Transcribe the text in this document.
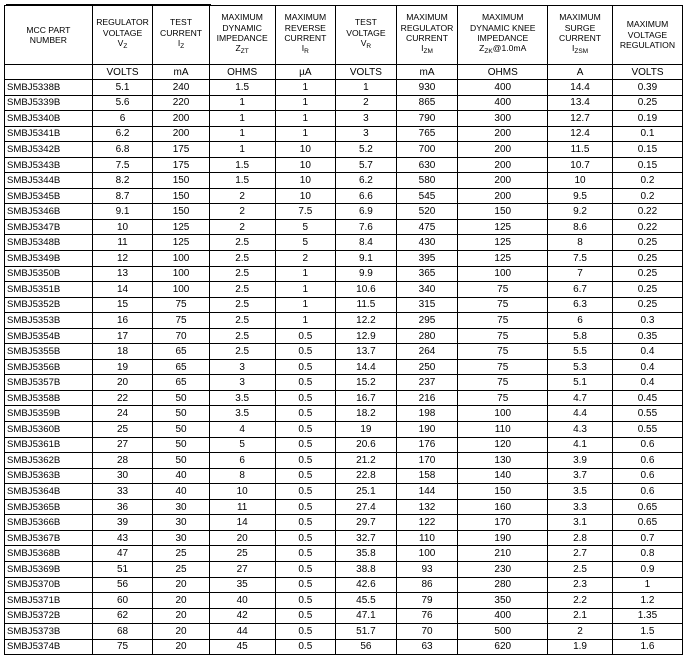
MCC PART
NUMBER	REGULATOR
VOLTAGE
$V_Z$	TEST
CURRENT
$I_Z$	MAXIMUM
DYNAMIC
IMPEDANCE
$Z_{ZT}$	MAXIMUM
REVERSE
CURRENT
$I_R$	TEST
VOLTAGE
$V_R$	MAXIMUM
REGULATOR
CURRENT
$I_{ZM}$	MAXIMUM
DYNAMIC KNEE
IMPEDANCE
$Z_{ZK}@1.0mA$	MAXIMUM
SURGE
CURRENT
$I_{ZSM}$	MAXIMUM
VOLTAGE
REGULATION

	VOLTS	mA	OHMS	µA	VOLTS	mA	OHMS	A	VOLTS
SMBJ5338B	5.1	240	1.5	1	1	930	400	14.4	0.39
SMBJ5339B	5.6	220	1	1	2	865	400	13.4	0.25
SMBJ5340B	6	200	1	1	3	790	300	12.7	0.19
SMBJ5341B	6.2	200	1	1	3	765	200	12.4	0.1
SMBJ5342B	6.8	175	1	10	5.2	700	200	11.5	0.15
SMBJ5343B	7.5	175	1.5	10	5.7	630	200	10.7	0.15
SMBJ5344B	8.2	150	1.5	10	6.2	580	200	10	0.2
SMBJ5345B	8.7	150	2	10	6.6	545	200	9.5	0.2
SMBJ5346B	9.1	150	2	7.5	6.9	520	150	9.2	0.22
SMBJ5347B	10	125	2	5	7.6	475	125	8.6	0.22
SMBJ5348B	11	125	2.5	5	8.4	430	125	8	0.25
SMBJ5349B	12	100	2.5	2	9.1	395	125	7.5	0.25
SMBJ5350B	13	100	2.5	1	9.9	365	100	7	0.25
SMBJ5351B	14	100	2.5	1	10.6	340	75	6.7	0.25
SMBJ5352B	15	75	2.5	1	11.5	315	75	6.3	0.25
SMBJ5353B	16	75	2.5	1	12.2	295	75	6	0.3
SMBJ5354B	17	70	2.5	0.5	12.9	280	75	5.8	0.35
SMBJ5355B	18	65	2.5	0.5	13.7	264	75	5.5	0.4
SMBJ5356B	19	65	3	0.5	14.4	250	75	5.3	0.4
SMBJ5357B	20	65	3	0.5	15.2	237	75	5.1	0.4
SMBJ5358B	22	50	3.5	0.5	16.7	216	75	4.7	0.45
SMBJ5359B	24	50	3.5	0.5	18.2	198	100	4.4	0.55
SMBJ5360B	25	50	4	0.5	19	190	110	4.3	0.55
SMBJ5361B	27	50	5	0.5	20.6	176	120	4.1	0.6
SMBJ5362B	28	50	6	0.5	21.2	170	130	3.9	0.6
SMBJ5363B	30	40	8	0.5	22.8	158	140	3.7	0.6
SMBJ5364B	33	40	10	0.5	25.1	144	150	3.5	0.6
SMBJ5365B	36	30	11	0.5	27.4	132	160	3.3	0.65
SMBJ5366B	39	30	14	0.5	29.7	122	170	3.1	0.65
SMBJ5367B	43	30	20	0.5	32.7	110	190	2.8	0.7
SMBJ5368B	47	25	25	0.5	35.8	100	210	2.7	0.8
SMBJ5369B	51	25	27	0.5	38.8	93	230	2.5	0.9
SMBJ5370B	56	20	35	0.5	42.6	86	280	2.3	1
SMBJ5371B	60	20	40	0.5	45.5	79	350	2.2	1.2
SMBJ5372B	62	20	42	0.5	47.1	76	400	2.1	1.35
SMBJ5373B	68	20	44	0.5	51.7	70	500	2	1.5
SMBJ5374B	75	20	45	0.5	56	63	620	1.9	1.6
